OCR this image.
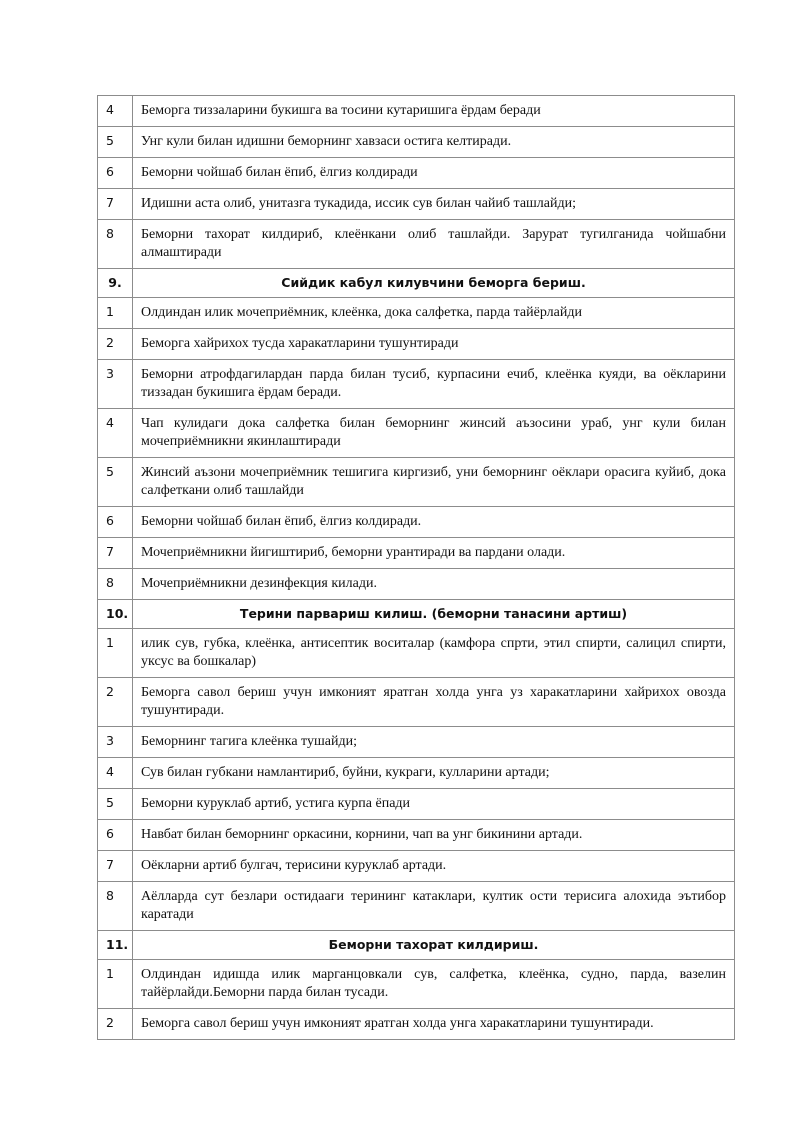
4	Беморга тиззаларини букишга ва тосини кутаришига ёрдам беради
5	Унг кули билан идишни беморнинг хавзаси остига келтиради.
6	Беморни чойшаб билан ёпиб, ёлгиз колдиради
7	Идишни аста олиб, унитазга тукадида, иссик сув билан чайиб ташлайди;
8	Беморни тахорат килдириб, клеёнкани олиб ташлайди. Зарурат тугилганида чойшабни алмаштиради
9.	Сийдик кабул килувчини беморга бериш.
1	Олдиндан илик мочеприёмник, клеёнка, дока салфетка, парда тайёрлайди
2	Беморга хайрихох тусда харакатларини тушунтиради
3	Беморни атрофдагилардан парда билан тусиб, курпасини ечиб, клеёнка куяди, ва оёкларини тиззадан букишига ёрдам беради.
4	Чап кулидаги дока салфетка билан беморнинг жинсий аъзосини ураб, унг кули билан мочеприёмникни якинлаштиради
5	Жинсий аъзони мочеприёмник тешигига киргизиб, уни беморнинг оёклари орасига куйиб, дока салфеткани олиб ташлайди
6	Беморни чойшаб билан ёпиб, ёлгиз колдиради.
7	Мочеприёмникни йигиштириб, беморни урантиради ва пардани олади.
8	Мочеприёмникни дезинфекция килади.
10.	Терини парвариш килиш. (беморни танасини артиш)
1	илик сув, губка, клеёнка, антисептик воситалар (камфора спрти, этил спирти, салицил спирти, уксус ва бошкалар)
2	Беморга савол бериш учун имконият яратган холда унга уз харакатларини хайрихох овозда тушунтиради.
3	Беморнинг тагига клеёнка тушайди;
4	Сув билан губкани намлантириб, буйни, кукраги, кулларини артади;
5	Беморни куруклаб артиб, устига курпа ёпади
6	Навбат билан беморнинг оркасини, корнини, чап ва унг бикинини артади.
7	Оёкларни артиб булгач, терисини куруклаб артади.
8	Аёлларда сут безлари остидааги терининг катаклари, култик ости терисига алохида эътибор каратади
11.	Беморни тахорат килдириш.
1	Олдиндан идишда илик марганцовкали сув, салфетка, клеёнка, судно, парда, вазелин тайёрлайди.Беморни парда билан тусади.
2	Беморга савол бериш учун имконият яратган холда унга харакатларини тушунтиради.
